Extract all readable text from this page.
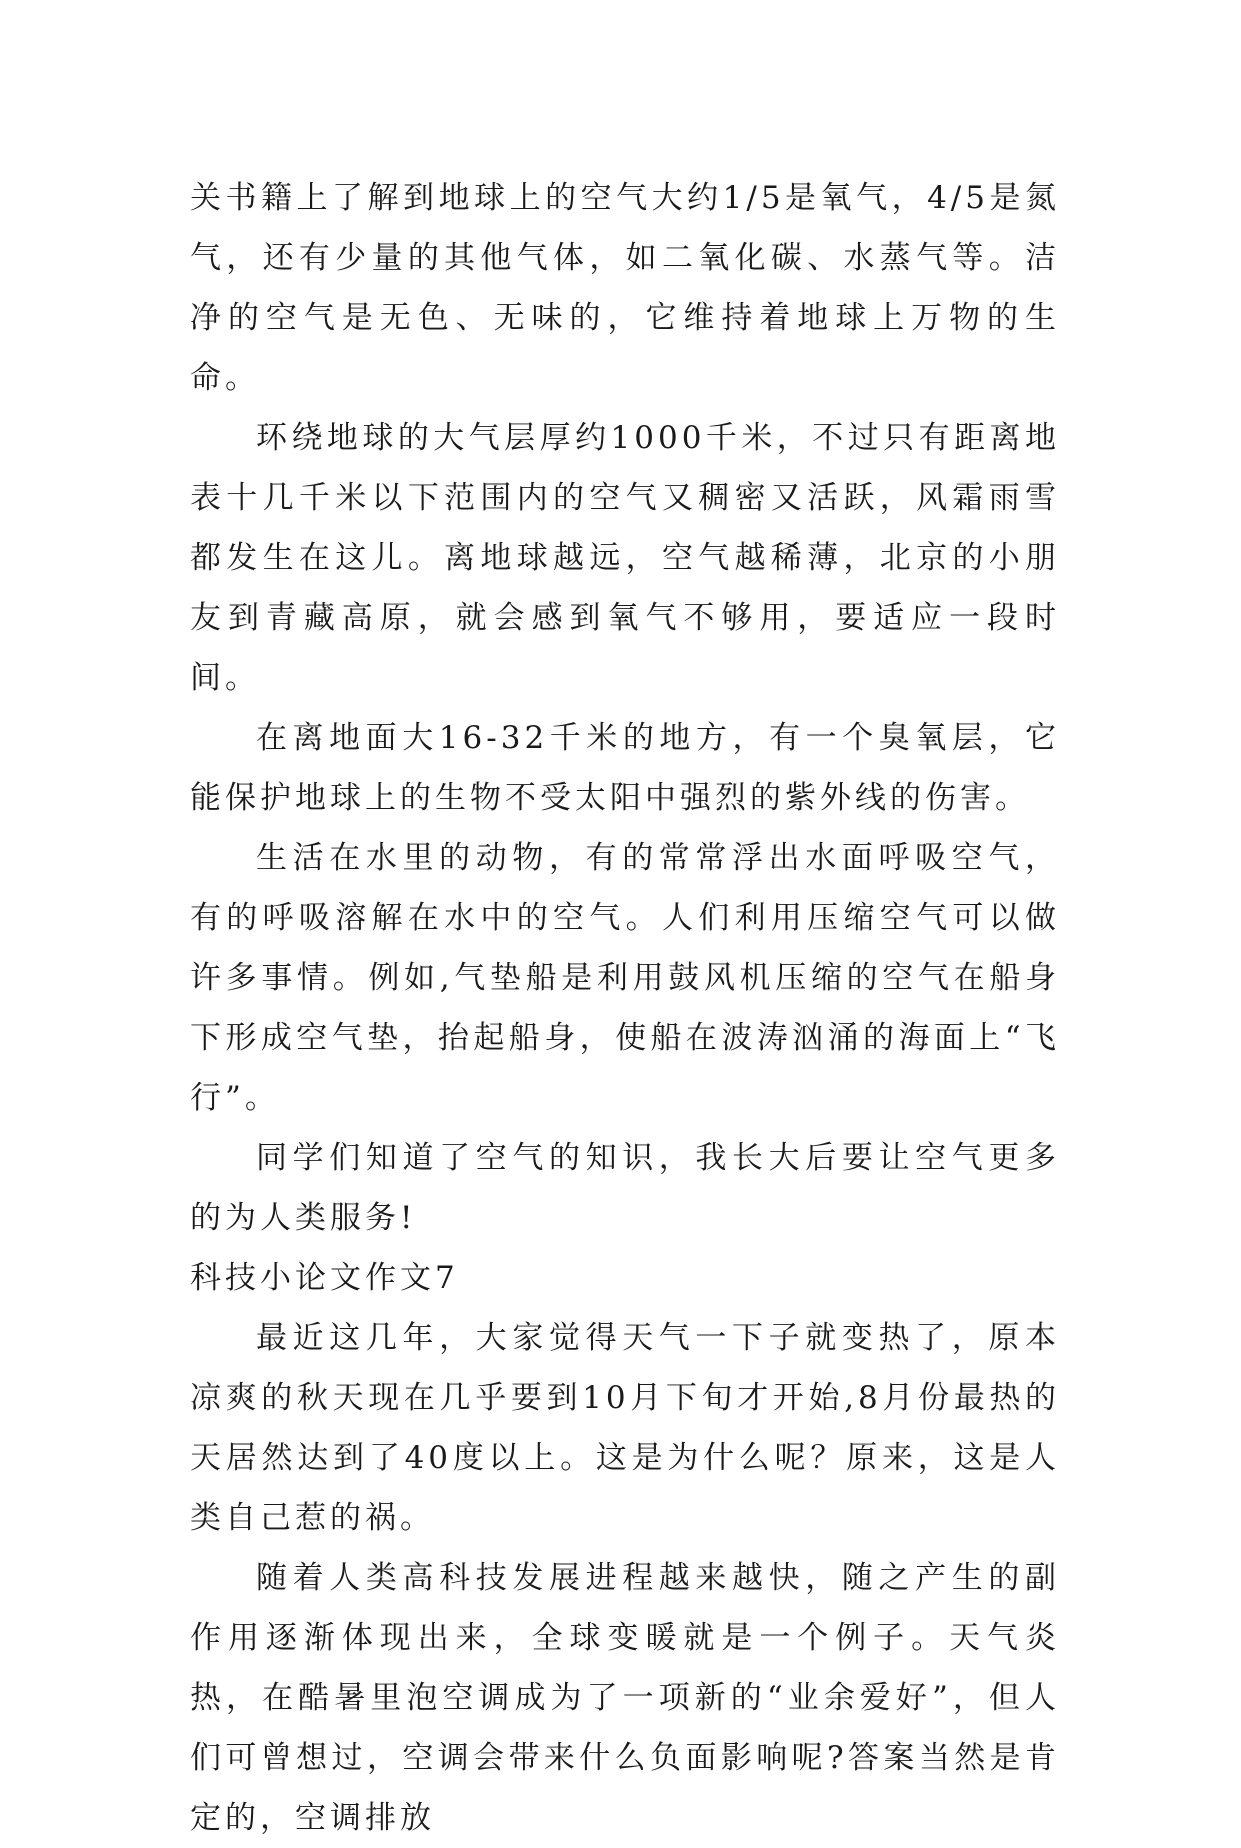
关书籍上了解到地球上的空气大约1/5是氧气，4/5是氮气，还有少量的其他气体，如二氧化碳、水蒸气等。洁净的空气是无色、无味的，它维持着地球上万物的生命。

环绕地球的大气层厚约1000千米，不过只有距离地表十几千米以下范围内的空气又稠密又活跃，风霜雨雪都发生在这儿。离地球越远，空气越稀薄，北京的小朋友到青藏高原，就会感到氧气不够用，要适应一段时间。

在离地面大16-32千米的地方，有一个臭氧层，它能保护地球上的生物不受太阳中强烈的紫外线的伤害。

生活在水里的动物，有的常常浮出水面呼吸空气，有的呼吸溶解在水中的空气。人们利用压缩空气可以做许多事情。例如,气垫船是利用鼓风机压缩的空气在船身下形成空气垫，抬起船身，使船在波涛汹涌的海面上“飞行”。

同学们知道了空气的知识，我长大后要让空气更多的为人类服务!

科技小论文作文7

最近这几年，大家觉得天气一下子就变热了，原本凉爽的秋天现在几乎要到10月下旬才开始,8月份最热的天居然达到了40度以上。这是为什么呢？原来，这是人类自己惹的祸。

随着人类高科技发展进程越来越快，随之产生的副作用逐渐体现出来，全球变暖就是一个例子。天气炎热，在酷暑里泡空调成为了一项新的“业余爱好”，但人们可曾想过，空调会带来什么负面影响呢?答案当然是肯定的，空调排放
